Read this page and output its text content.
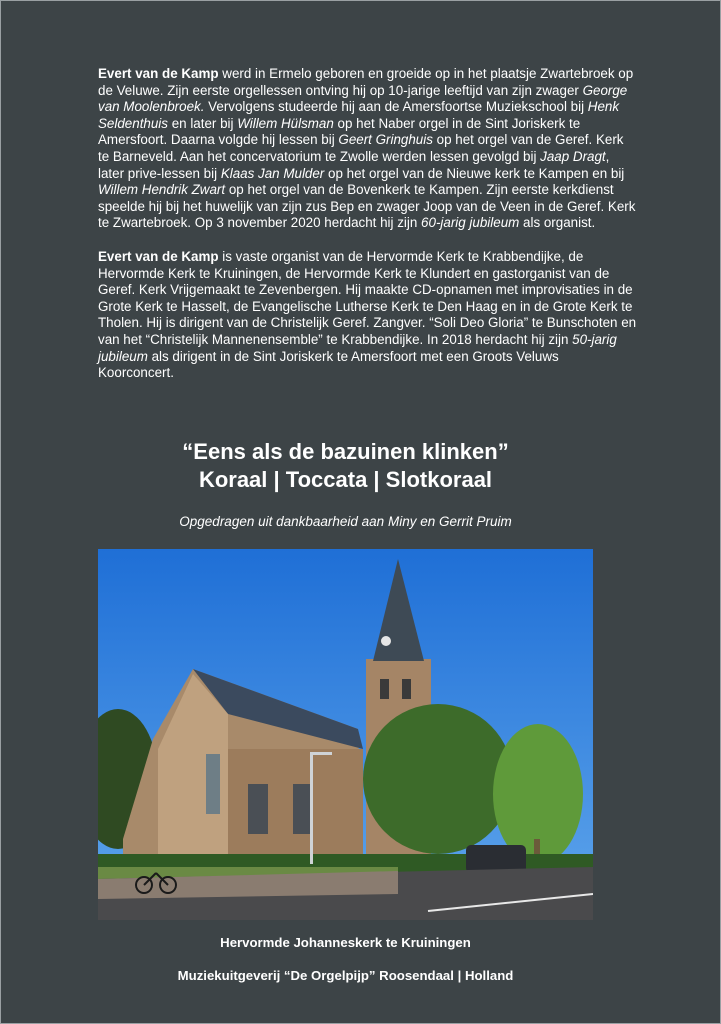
Evert van de Kamp werd in Ermelo geboren en groeide op in het plaatsje Zwartebroek op de Veluwe. Zijn eerste orgellessen ontving hij op 10-jarige leeftijd van zijn zwager George van Moolenbroek. Vervolgens studeerde hij aan de Amersfoortse Muziekschool bij Henk Seldenthuis en later bij Willem Hülsman op het Naber orgel in de Sint Joriskerk te Amersfoort. Daarna volgde hij lessen bij Geert Gringhuis op het orgel van de Geref. Kerk te Barneveld. Aan het concervatorium te Zwolle werden lessen gevolgd bij Jaap Dragt, later prive-lessen bij Klaas Jan Mulder op het orgel van de Nieuwe kerk te Kampen en bij Willem Hendrik Zwart op het orgel van de Bovenkerk te Kampen. Zijn eerste kerkdienst speelde hij bij het huwelijk van zijn zus Bep en zwager Joop van de Veen in de Geref. Kerk te Zwartebroek. Op 3 november 2020 herdacht hij zijn 60-jarig jubileum als organist.

Evert van de Kamp is vaste organist van de Hervormde Kerk te Krabbendijke, de Hervormde Kerk te Kruiningen, de Hervormde Kerk te Klundert en gastorganist van de Geref. Kerk Vrijgemaakt te Zevenbergen. Hij maakte CD-opnamen met improvisaties in de Grote Kerk te Hasselt, de Evangelische Lutherse Kerk te Den Haag en in de Grote Kerk te Tholen. Hij is dirigent van de Christelijk Geref. Zangver. “Soli Deo Gloria” te Bunschoten en van het “Christelijk Mannenensemble” te Krabbendijke. In 2018 herdacht hij zijn 50-jarig jubileum als dirigent in de Sint Joriskerk te Amersfoort met een Groots Veluws Koorconcert.

“Eens als de bazuinen klinken”
Koraal | Toccata | Slotkoraal
Opgedragen uit dankbaarheid aan Miny en Gerrit Pruim
Hervormde Johanneskerk te Kruiningen
Muziekuitgeverij “De Orgelpijp” Roosendaal | Holland
